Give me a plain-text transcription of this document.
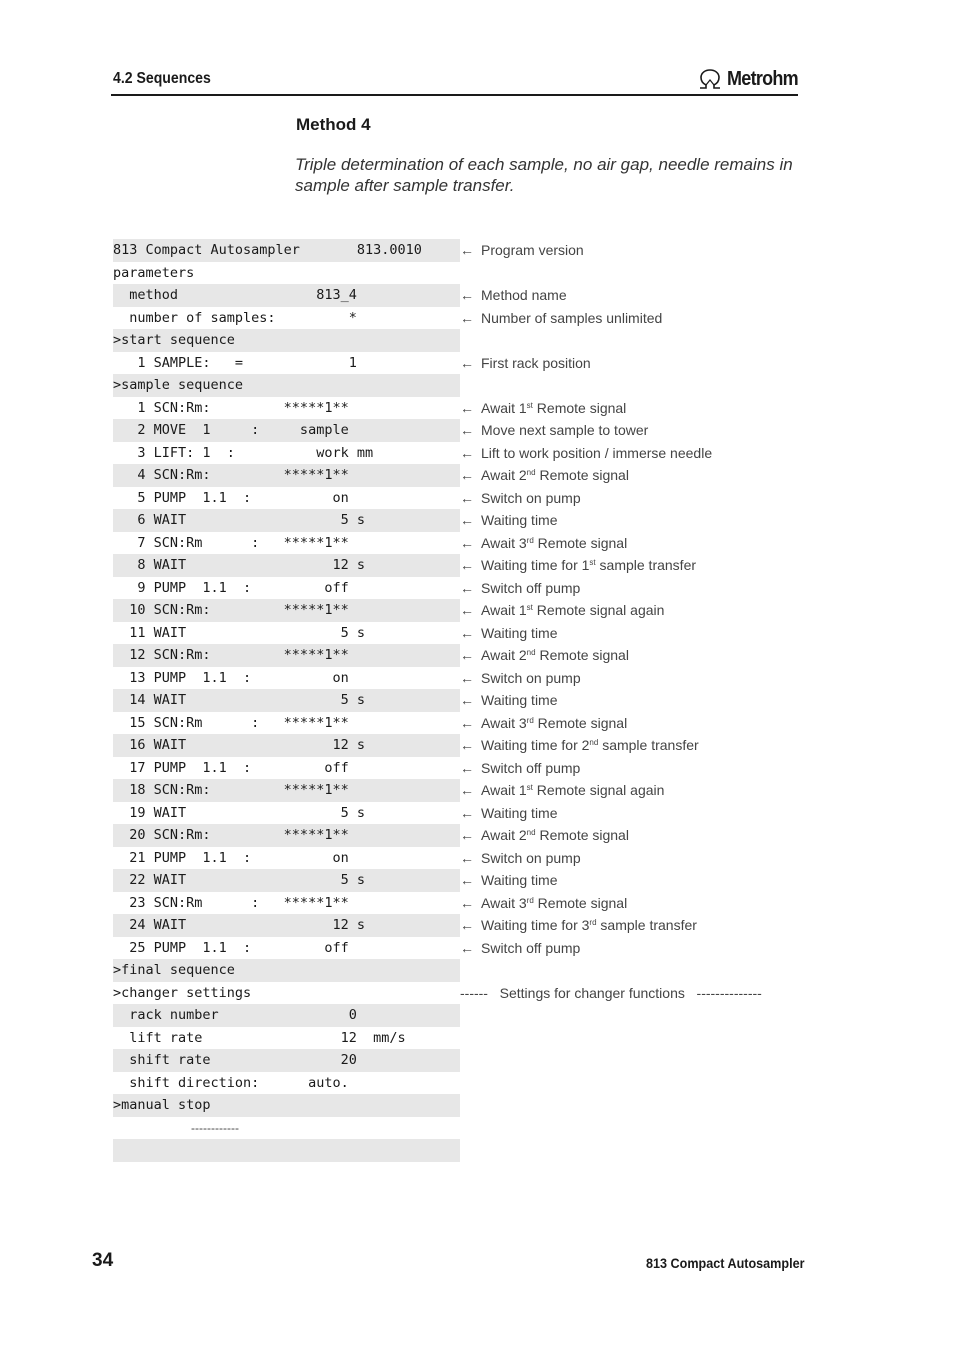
4.2 Sequences	Metrohm
Method 4
Triple determination of each sample, no air gap, needle remains in sample after sample transfer.
813 Compact Autosampler       813.0010
parameters
method                 813_4
number of samples:         *
>start sequence
1 SAMPLE:   =             1
>sample sequence
1 SCN:Rm:         *****1**
2 MOVE  1     :     sample
3 LIFT: 1  :          work mm
4 SCN:Rm:         *****1**
5 PUMP  1.1  :          on
6 WAIT                   5 s
7 SCN:Rm      :   *****1**
8 WAIT                  12 s
9 PUMP  1.1  :         off
10 SCN:Rm:         *****1**
11 WAIT                   5 s
12 SCN:Rm:         *****1**
13 PUMP  1.1  :          on
14 WAIT                   5 s
15 SCN:Rm      :   *****1**
16 WAIT                  12 s
17 PUMP  1.1  :         off
18 SCN:Rm:         *****1**
19 WAIT                   5 s
20 SCN:Rm:         *****1**
21 PUMP  1.1  :          on
22 WAIT                   5 s
23 SCN:Rm      :   *****1**
24 WAIT                  12 s
25 PUMP  1.1  :         off
>final sequence
>changer settings
rack number                0
lift rate                 12  mm/s
shift rate                20
shift direction:      auto.
>manual stop
------------
← Program version
← Method name
← Number of samples unlimited
← First rack position
← Await 1st Remote signal
← Move next sample to tower
← Lift to work position / immerse needle
← Await 2nd Remote signal
← Switch on pump
← Waiting time
← Await 3rd Remote signal
← Waiting time for 1st sample transfer
← Switch off pump
← Await 1st Remote signal again
← Waiting time
← Await 2nd Remote signal
← Switch on pump
← Waiting time
← Await 3rd Remote signal
← Waiting time for 2nd sample transfer
← Switch off pump
← Await 1st Remote signal again
← Waiting time
← Await 2nd Remote signal
← Switch on pump
← Waiting time
← Await 3rd Remote signal
← Waiting time for 3rd sample transfer
← Switch off pump
------   Settings for changer functions   --------------
34	813 Compact Autosampler
